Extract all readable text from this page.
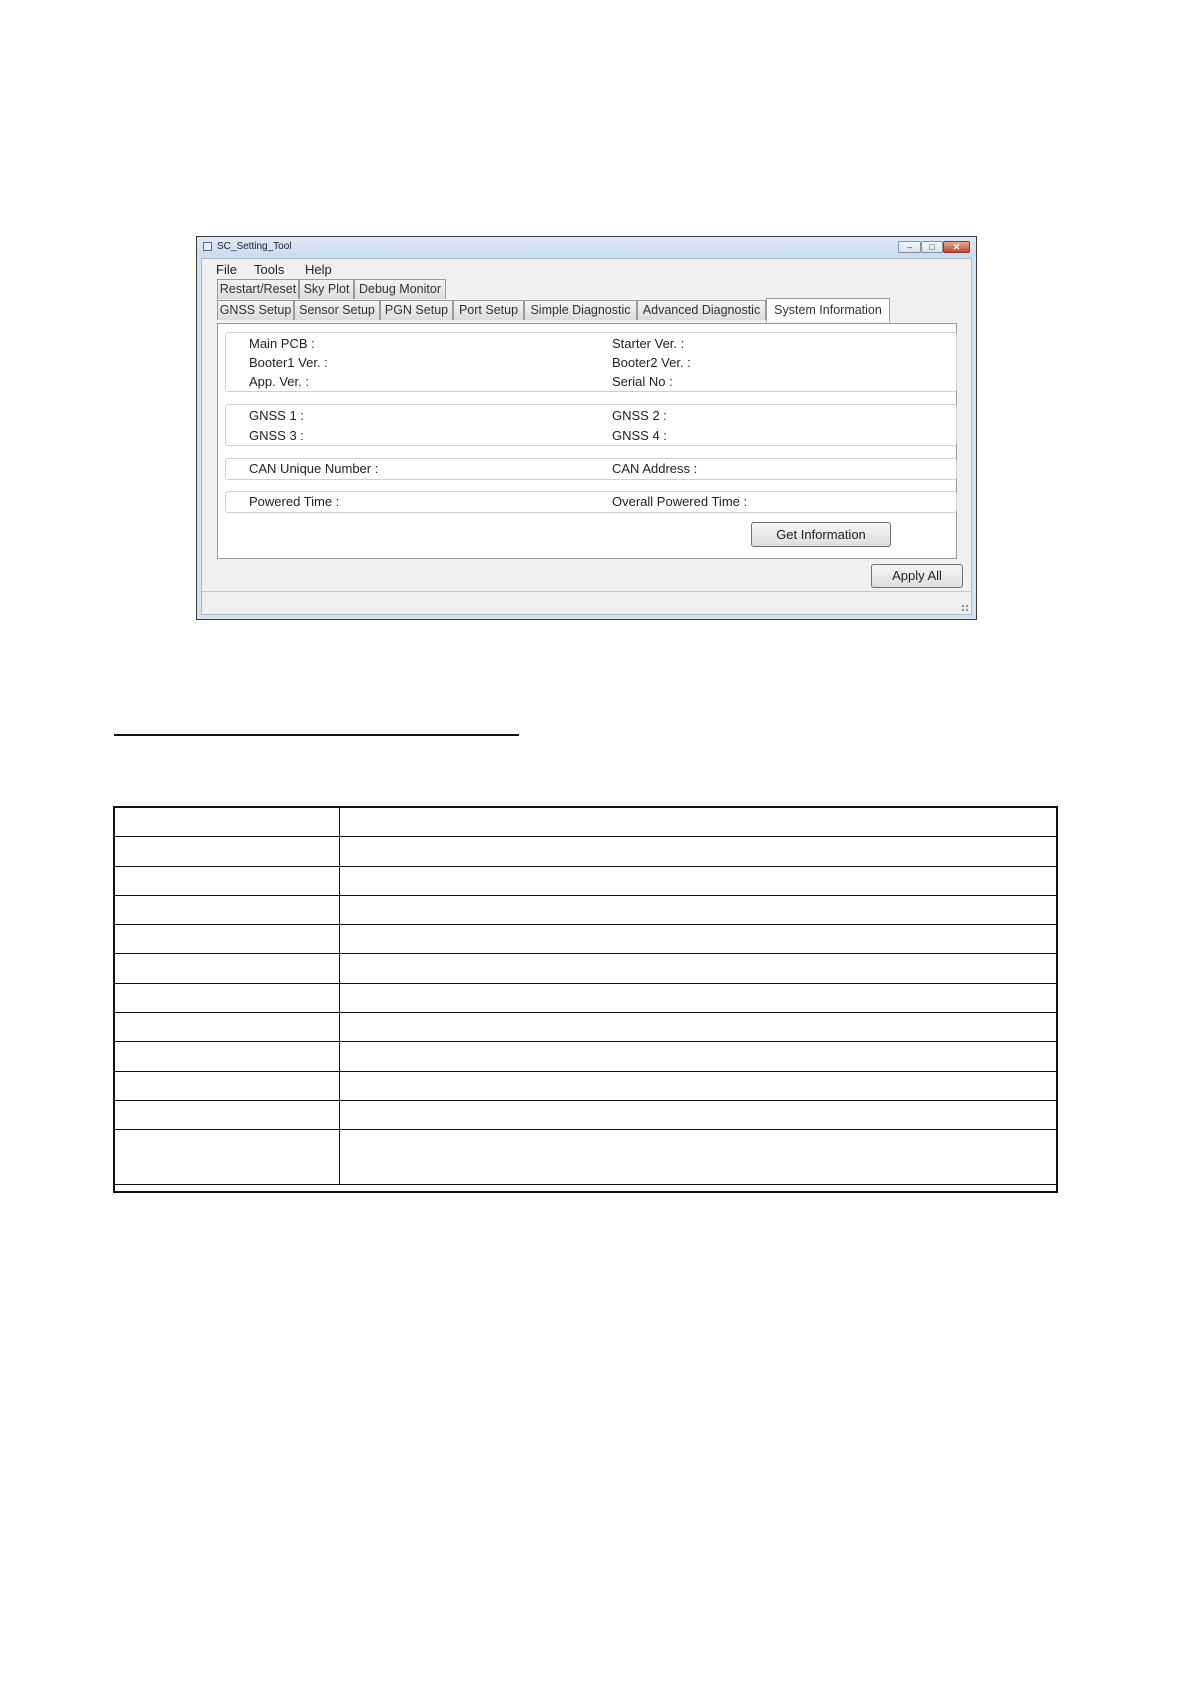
SC_Setting_Tool	–	□	✕
File Tools Help
Restart/Reset Sky Plot Debug Monitor
GNSS Setup Sensor Setup PGN Setup Port Setup Simple Diagnostic Advanced Diagnostic	System Information
Main PCB :	Starter Ver. :
Booter1 Ver. :	Booter2 Ver. :
App. Ver. :	Serial No :
GNSS 1 :	GNSS 2 :
GNSS 3 :	GNSS 4 :
CAN Unique Number :	CAN Address :
Powered Time :	Overall Powered Time :
Get Information
Apply All
